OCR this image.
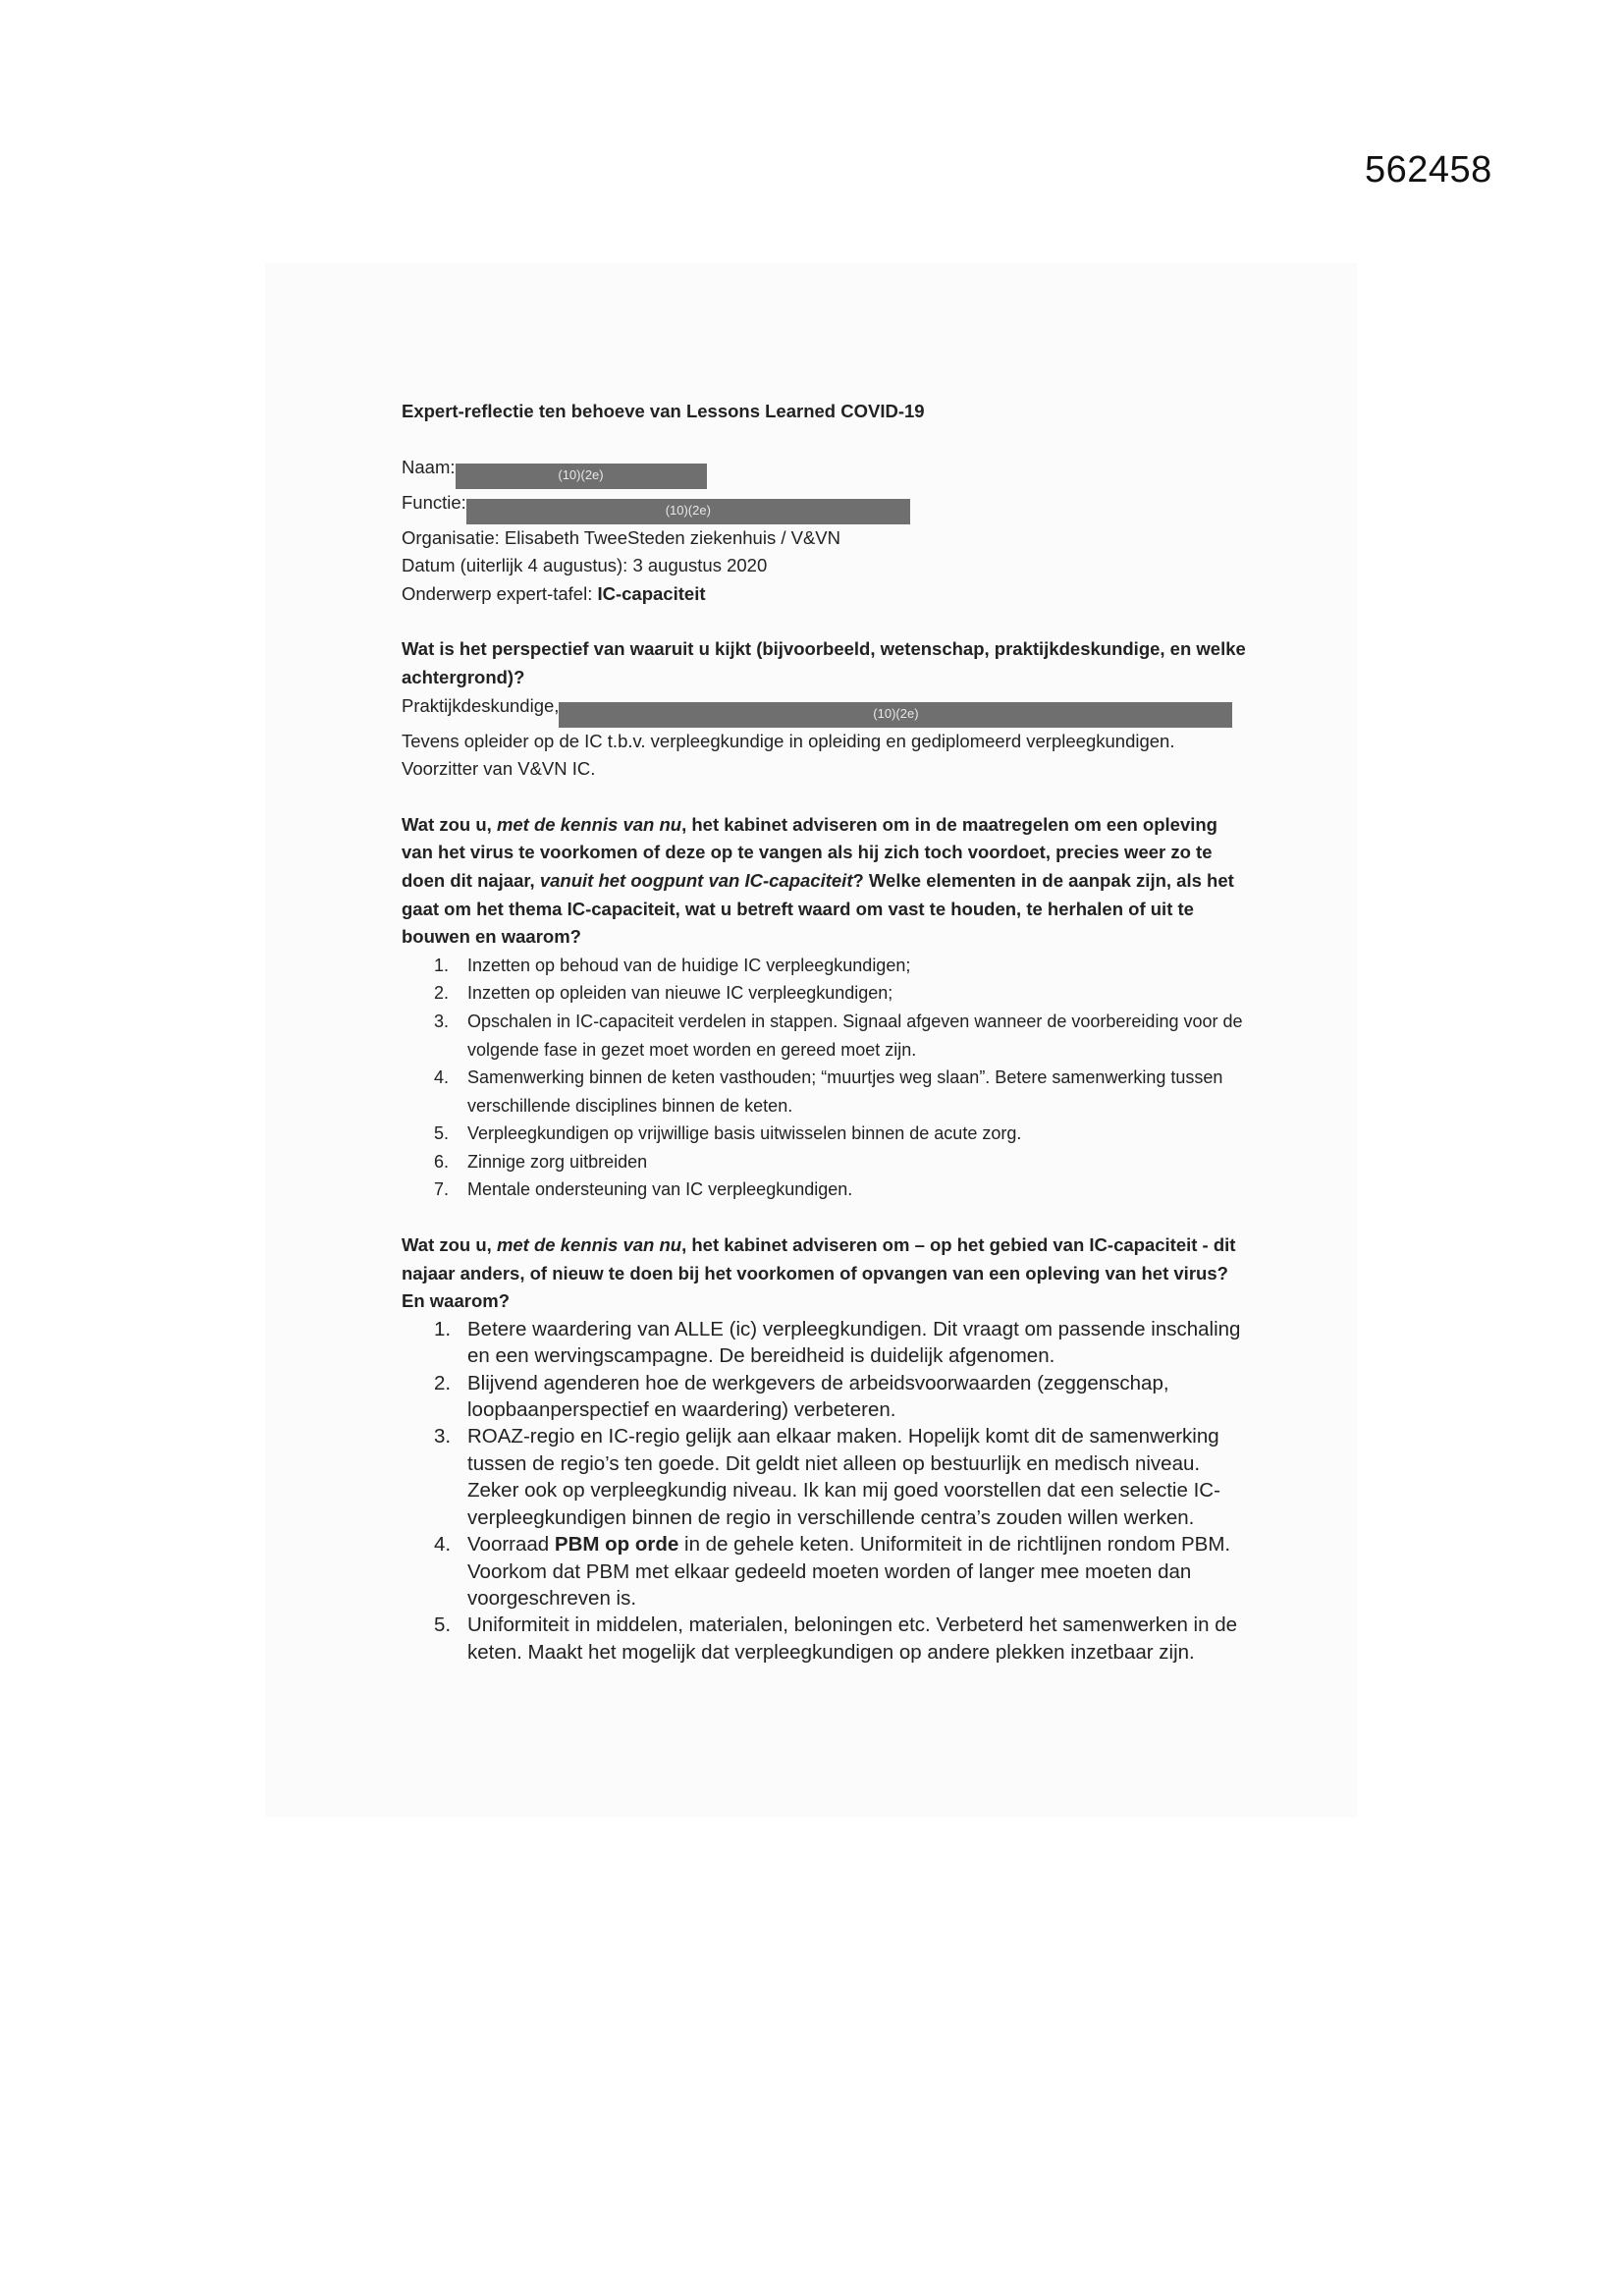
562458

Expert-reflectie ten behoeve van Lessons Learned COVID-19

Naam:	(10)(2e)
Functie:	(10)(2e)
Organisatie: Elisabeth TweeSteden ziekenhuis / V&VN
Datum (uiterlijk 4 augustus): 3 augustus 2020
Onderwerp expert-tafel: IC-capaciteit

Wat is het perspectief van waaruit u kijkt (bijvoorbeeld, wetenschap, praktijkdeskundige, en welke achtergrond)?

Praktijkdeskundige,	(10)(2e)

Tevens opleider op de IC t.b.v. verpleegkundige in opleiding en gediplomeerd verpleegkundigen.

Voorzitter van V&VN IC.

Wat zou u, met de kennis van nu, het kabinet adviseren om in de maatregelen om een opleving van het virus te voorkomen of deze op te vangen als hij zich toch voordoet, precies weer zo te doen dit najaar, vanuit het oogpunt van IC-capaciteit? Welke elementen in de aanpak zijn, als het gaat om het thema IC-capaciteit, wat u betreft waard om vast te houden, te herhalen of uit te bouwen en waarom?

1. Inzetten op behoud van de huidige IC verpleegkundigen;
2. Inzetten op opleiden van nieuwe IC verpleegkundigen;
3. Opschalen in IC-capaciteit verdelen in stappen. Signaal afgeven wanneer de voorbereiding voor de volgende fase in gezet moet worden en gereed moet zijn.
4. Samenwerking binnen de keten vasthouden; “muurtjes weg slaan”. Betere samenwerking tussen verschillende disciplines binnen de keten.
5. Verpleegkundigen op vrijwillige basis uitwisselen binnen de acute zorg.
6. Zinnige zorg uitbreiden
7. Mentale ondersteuning van IC verpleegkundigen.

Wat zou u, met de kennis van nu, het kabinet adviseren om – op het gebied van IC-capaciteit - dit najaar anders, of nieuw te doen bij het voorkomen of opvangen van een opleving van het virus? En waarom?

1. Betere waardering van ALLE (ic) verpleegkundigen. Dit vraagt om passende inschaling en een wervingscampagne. De bereidheid is duidelijk afgenomen.
2. Blijvend agenderen hoe de werkgevers de arbeidsvoorwaarden (zeggenschap, loopbaanperspectief en waardering) verbeteren.
3. ROAZ-regio en IC-regio gelijk aan elkaar maken. Hopelijk komt dit de samenwerking tussen de regio’s ten goede. Dit geldt niet alleen op bestuurlijk en medisch niveau. Zeker ook op verpleegkundig niveau. Ik kan mij goed voorstellen dat een selectie IC-verpleegkundigen binnen de regio in verschillende centra’s zouden willen werken.
4. Voorraad PBM op orde in de gehele keten. Uniformiteit in de richtlijnen rondom PBM. Voorkom dat PBM met elkaar gedeeld moeten worden of langer mee moeten dan voorgeschreven is.
5. Uniformiteit in middelen, materialen, beloningen etc. Verbeterd het samenwerken in de keten. Maakt het mogelijk dat verpleegkundigen op andere plekken inzetbaar zijn.
